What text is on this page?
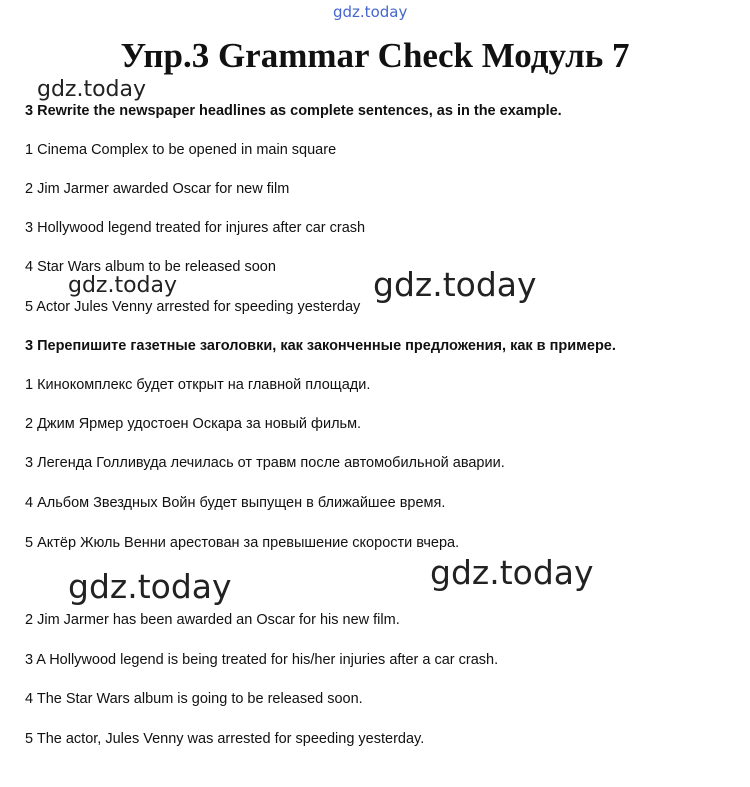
gdz.today
Упр.3 Grammar Check Модуль 7
gdz.today
3 Rewrite the newspaper headlines as complete sentences, as in the example.
1 Cinema Complex to be opened in main square
2 Jim Jarmer awarded Oscar for new film
3 Hollywood legend treated for injures after car crash
4 Star Wars album to be released soon
gdz.today	gdz.today
5 Actor Jules Venny arrested for speeding yesterday
3 Перепишите газетные заголовки, как законченные предложения, как в примере.
1 Кинокомплекс будет открыт на главной площади.
2 Джим Ярмер удостоен Оскара за новый фильм.
3 Легенда Голливуда лечилась от травм после автомобильной аварии.
4 Альбом Звездных Войн будет выпущен в ближайшее время.
5 Актёр Жюль Венни арестован за превышение скорости вчера.
gdz.today	gdz.today
2 Jim Jarmer has been awarded an Oscar for his new film.
3 A Hollywood legend is being treated for his/her injuries after a car crash.
4 The Star Wars album is going to be released soon.
5 The actor, Jules Venny was arrested for speeding yesterday.
